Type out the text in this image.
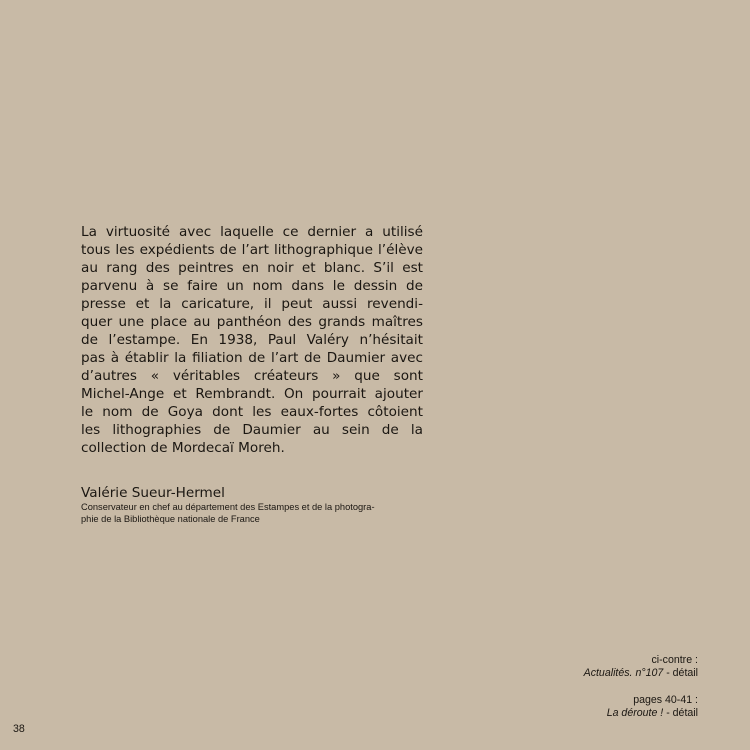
La virtuosité avec laquelle ce dernier a utilisé
tous les expédients de l’art lithographique l’élève
au rang des peintres en noir et blanc. S’il est
parvenu à se faire un nom dans le dessin de
presse et la caricature, il peut aussi revendi-
quer une place au panthéon des grands maîtres
de l’estampe. En 1938, Paul Valéry n’hésitait
pas à établir la filiation de l’art de Daumier avec
d’autres « véritables créateurs » que sont
Michel-Ange et Rembrandt. On pourrait ajouter
le nom de Goya dont les eaux-fortes côtoient
les lithographies de Daumier au sein de la
collection de Mordecaï Moreh.

Valérie Sueur-Hermel

Conservateur en chef au département des Estampes et de la photogra-
phie de la Bibliothèque nationale de France

ci-contre :
Actualités. n°107 - détail
pages 40-41 :
La déroute ! - détail
38
